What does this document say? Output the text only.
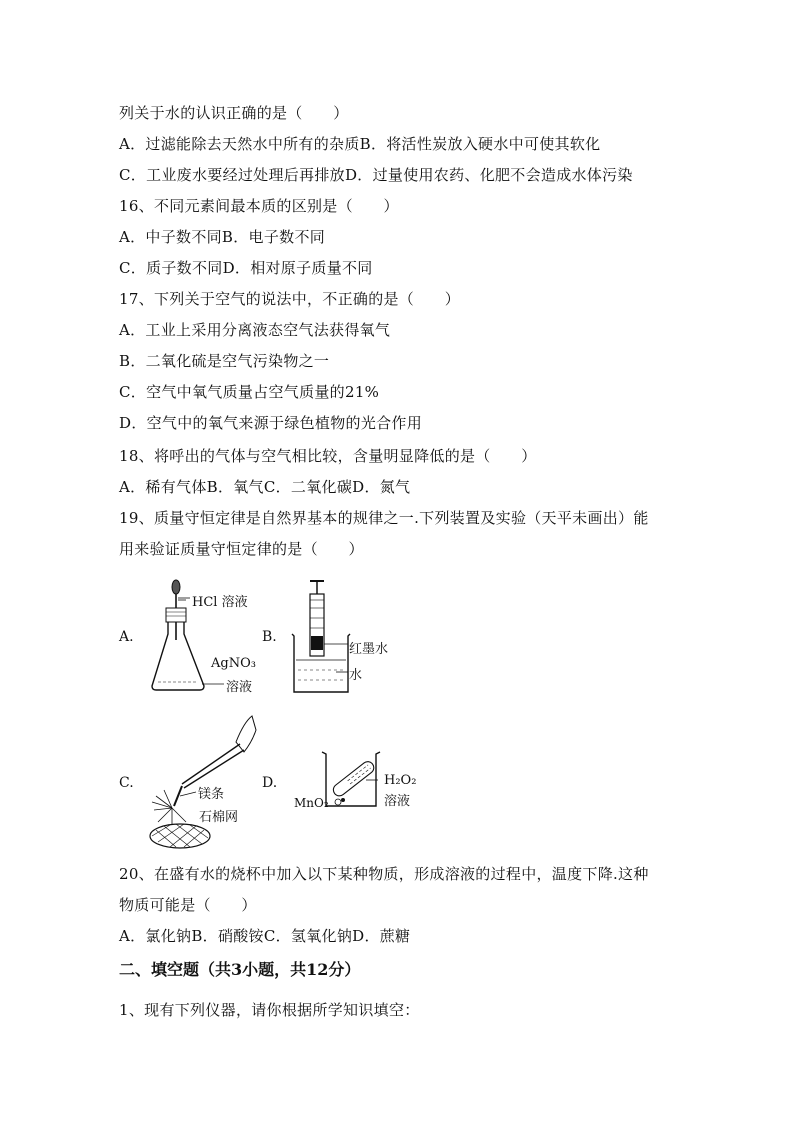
列关于水的认识正确的是（　　）
A．过滤能除去天然水中所有的杂质B．将活性炭放入硬水中可使其软化
C．工业废水要经过处理后再排放D．过量使用农药、化肥不会造成水体污染
16、不同元素间最本质的区别是（　　）
A．中子数不同B．电子数不同
C．质子数不同D．相对原子质量不同
17、下列关于空气的说法中，不正确的是（　　）
A．工业上采用分离液态空气法获得氧气
B．二氧化硫是空气污染物之一
C．空气中氧气质量占空气质量的21%
D．空气中的氧气来源于绿色植物的光合作用
18、将呼出的气体与空气相比较，含量明显降低的是（　　）
A．稀有气体B．氧气C．二氧化碳D．氮气
19、质量守恒定律是自然界基本的规律之一.下列装置及实验（天平未画出）能
用来验证质量守恒定律的是（　　）
A.
HCl 溶液
AgNO₃
溶液
B.
红墨水
水
C.
镁条
石棉网
D.	H₂O₂
溶液
MnO₂
20、在盛有水的烧杯中加入以下某种物质，形成溶液的过程中，温度下降.这种
物质可能是（　　）
A．氯化钠B．硝酸铵C．氢氧化钠D．蔗糖
二、填空题（共3小题，共12分）
1、现有下列仪器，请你根据所学知识填空：
